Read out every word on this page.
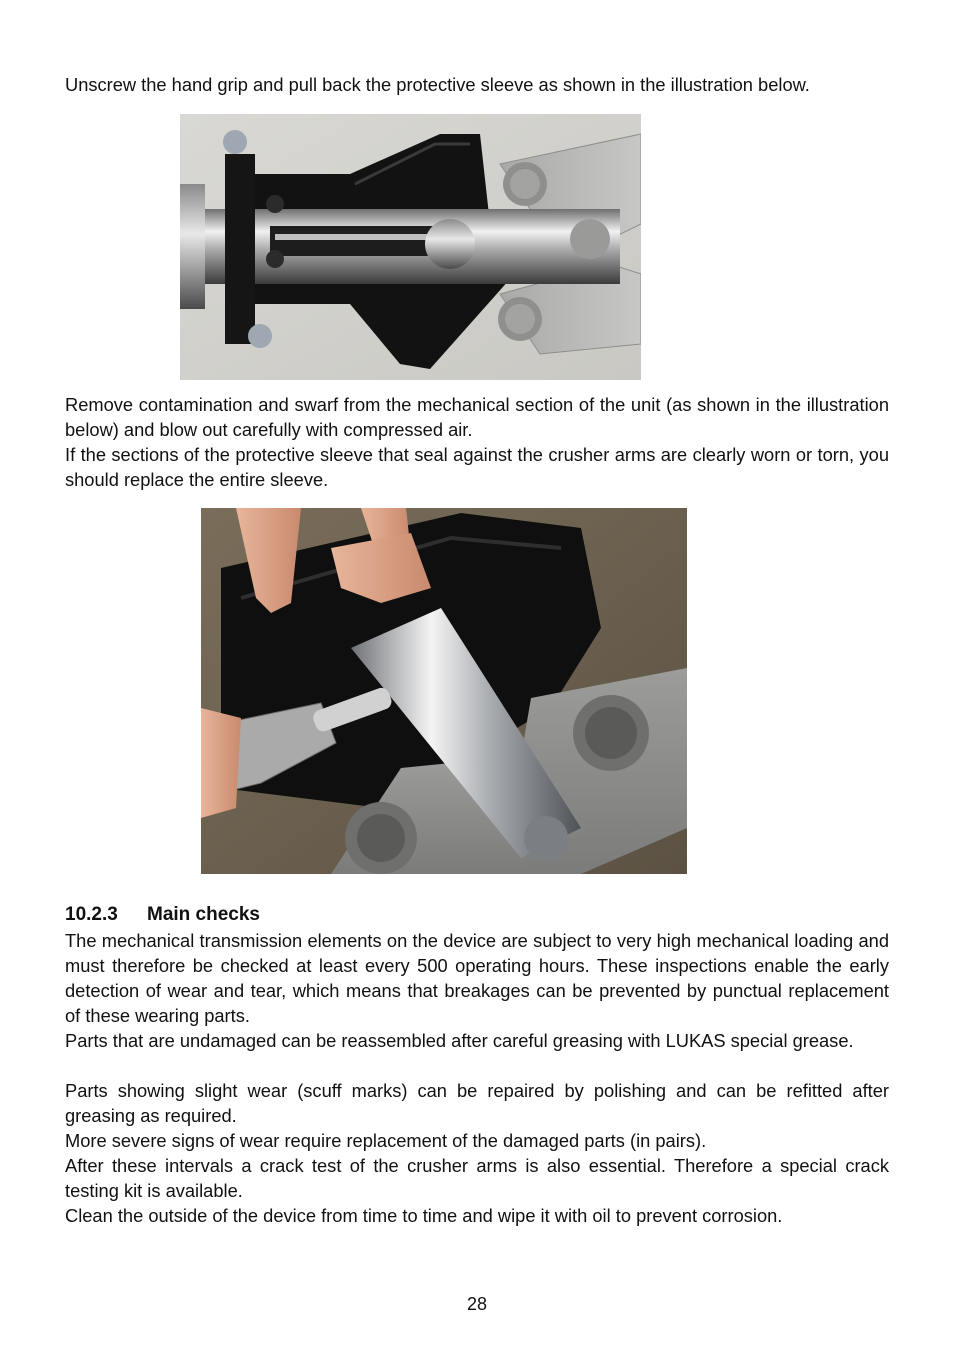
Unscrew the hand grip and pull back the protective sleeve as shown in the illustration below.

Remove contamination and swarf from the mechanical section of the unit (as shown in the illustration below) and blow out carefully with compressed air.

If the sections of the protective sleeve that seal against the crusher arms are clearly worn or torn, you should replace the entire sleeve.

10.2.3 Main checks

The mechanical transmission elements on the device are subject to very high mechanical loading and must therefore be checked at least every 500 operating hours. These inspections enable the early detection of wear and tear, which means that breakages can be prevented by punctual replacement of these wearing parts.

Parts that are undamaged can be reassembled after careful greasing with LUKAS special grease.

Parts showing slight wear (scuff marks) can be repaired by polishing and can be refitted after greasing as required.

More severe signs of wear require replacement of the damaged parts (in pairs).

After these intervals a crack test of the crusher arms is also essential. Therefore a special crack testing kit is available.

Clean the outside of the device from time to time and wipe it with oil to prevent corrosion.

28
